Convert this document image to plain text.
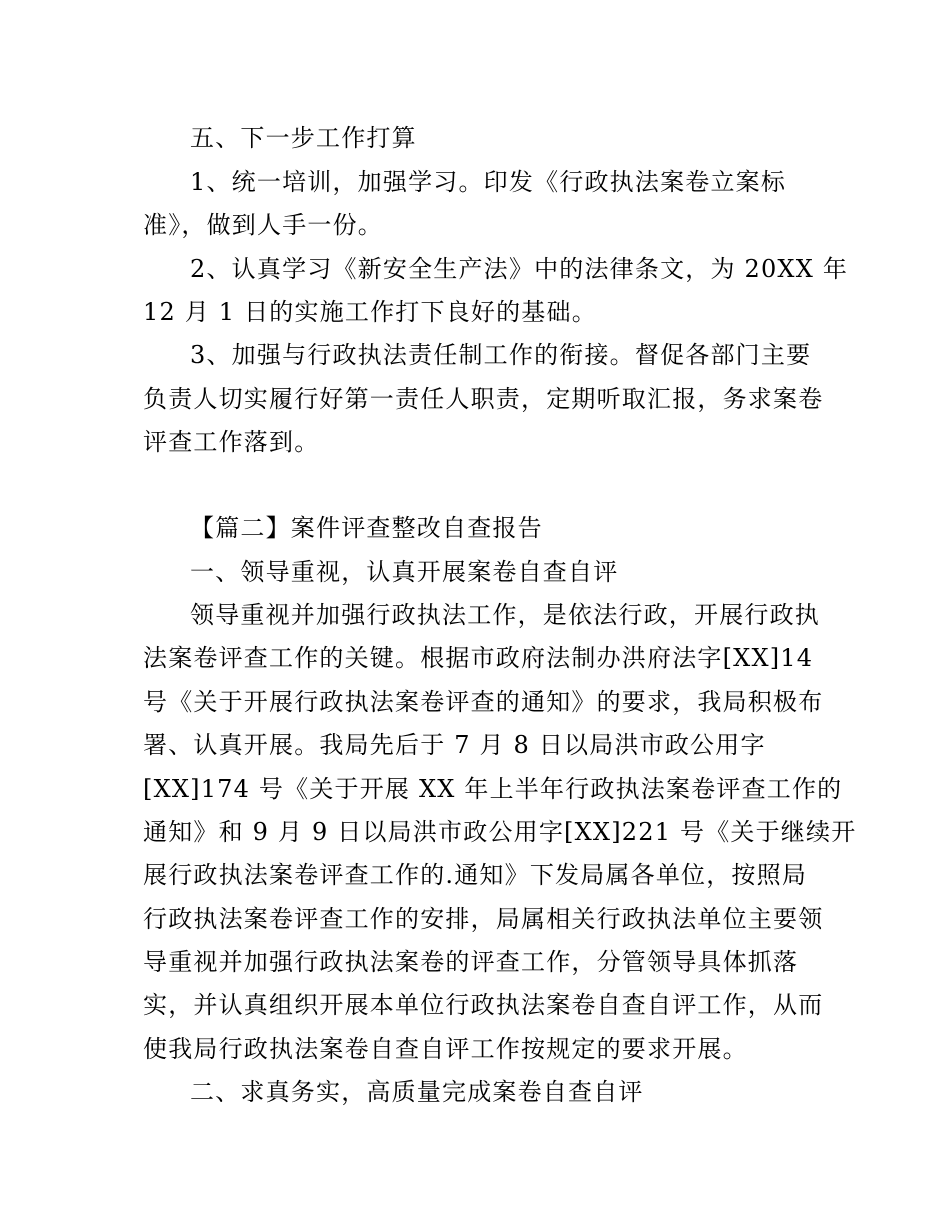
五、下一步工作打算
1、统一培训，加强学习。印发《行政执法案卷立案标
准》，做到人手一份。
2、认真学习《新安全生产法》中的法律条文，为 20XX 年
12 月 1 日的实施工作打下良好的基础。
3、加强与行政执法责任制工作的衔接。督促各部门主要
负责人切实履行好第一责任人职责，定期听取汇报，务求案卷
评查工作落到。
【篇二】案件评查整改自查报告
一、领导重视，认真开展案卷自查自评
领导重视并加强行政执法工作，是依法行政，开展行政执
法案卷评查工作的关键。根据市政府法制办洪府法字[XX]14
号《关于开展行政执法案卷评查的通知》的要求，我局积极布
署、认真开展。我局先后于 7 月 8 日以局洪市政公用字
[XX]174 号《关于开展 XX 年上半年行政执法案卷评查工作的
通知》和 9 月 9 日以局洪市政公用字[XX]221 号《关于继续开
展行政执法案卷评查工作的.通知》下发局属各单位，按照局
行政执法案卷评查工作的安排，局属相关行政执法单位主要领
导重视并加强行政执法案卷的评查工作，分管领导具体抓落
实，并认真组织开展本单位行政执法案卷自查自评工作，从而
使我局行政执法案卷自查自评工作按规定的要求开展。
二、求真务实，高质量完成案卷自查自评
